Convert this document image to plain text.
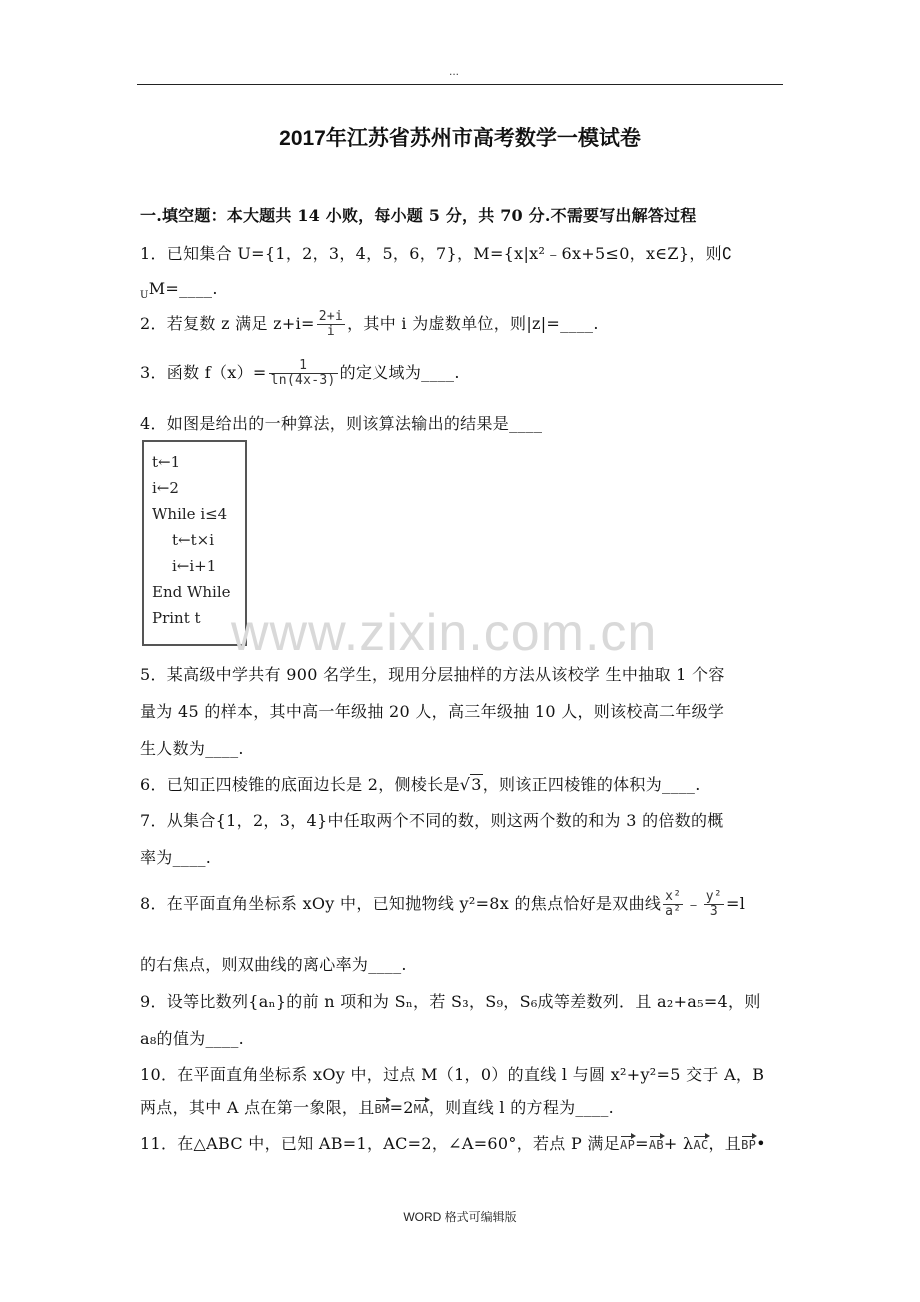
...
2017年江苏省苏州市高考数学一模试卷
一.填空题：本大题共 14 小败，每小题 5 分，共 70 分.不需要写出解答过程
1．已知集合 U={1，2，3，4，5，6，7}，M={x|x²﹣6x+5≤0，x∈Z}，则∁
$_U$M=____.
2．若复数 z 满足 $z+i= \frac{2+i}{i}$ ，其中 i 为虚数单位，则|z|=____.
3．函数 $f(x)= \frac{1}{\ln(4x-3)}$ 的定义域为____.
4．如图是给出的一种算法，则该算法输出的结果是____
t←1
i←2
While i≤4
t←t×i
i←i+1
End While
Print t www.zixin.com.cn
5．某高级中学共有 900 名学生，现用分层抽样的方法从该校学 生中抽取 1 个容
量为 45 的样本，其中高一年级抽 20 人，高三年级抽 10 人，则该校高二年级学
生人数为____.
6．已知正四棱锥的底面边长是 2，侧棱长是√3，则该正四棱锥的体积为____.
7．从集合{1，2，3，4}中任取两个不同的数，则这两个数的和为 3 的倍数的概
率为____.
8．在平面直角坐标系 xOy 中，已知抛物线 y²=8x 的焦点恰好是双曲线 $\frac{\text{x²}}{\text{a²}}$ ﹣ $\frac{\text{y²}}{3} =l$
的右焦点，则双曲线的离心率为____.
9．设等比数列{aₙ}的前 n 项和为 Sₙ，若 S₃，S₉，S₆成等差数列．且 a₂+a₅=4，则
a₈的值为____.
10．在平面直角坐标系 xOy 中，过点 M（1，0）的直线 l 与圆 x²+y²=5 交于 A，B
两点，其中 A 点在第一象限，且BM=2MA，则直线 l 的方程为____.
11．在△ABC 中，已知 AB=1，AC=2，∠A=60°，若点 P 满足AP=AB+ λAC，且BP•
WORD 格式可编辑版
